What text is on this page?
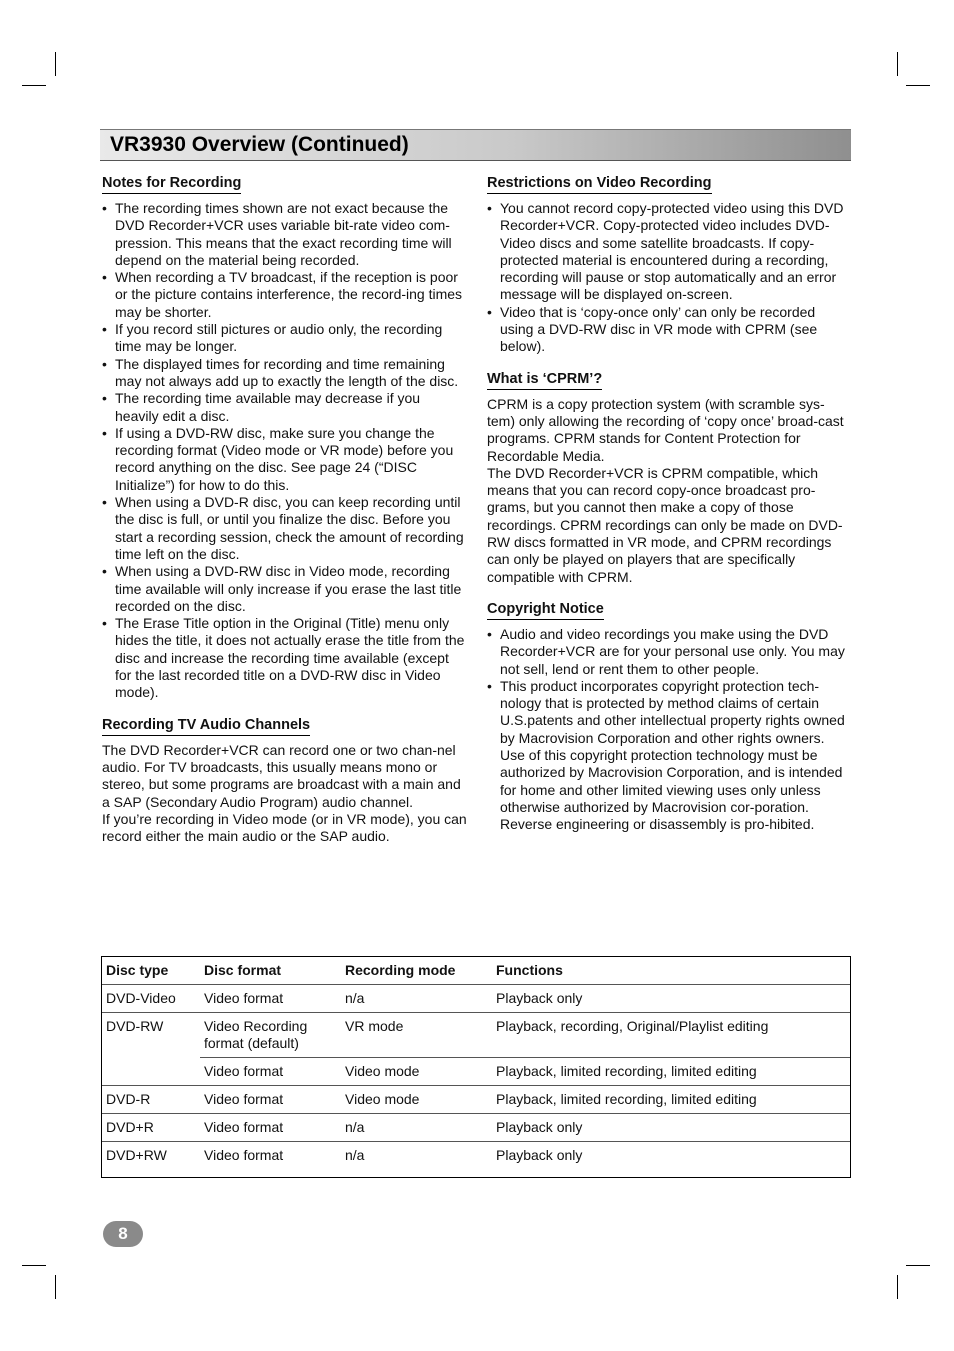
VR3930 Overview (Continued)
Notes for Recording
• The recording times shown are not exact because the DVD Recorder+VCR uses variable bit-rate video com-pression. This means that the exact recording time will depend on the material being recorded.
• When recording a TV broadcast, if the reception is poor or the picture contains interference, the record-ing times may be shorter.
• If you record still pictures or audio only, the recording time may be longer.
• The displayed times for recording and time remaining may not always add up to exactly the length of the disc.
• The recording time available may decrease if you heavily edit a disc.
• If using a DVD-RW disc, make sure you change the recording format (Video mode or VR mode) before you record anything on the disc. See page 24 (“DISC Initialize”) for how to do this.
• When using a DVD-R disc, you can keep recording until the disc is full, or until you finalize the disc. Before you start a recording session, check the amount of recording time left on the disc.
• When using a DVD-RW disc in Video mode, recording time available will only increase if you erase the last title recorded on the disc.
• The Erase Title option in the Original (Title) menu only hides the title, it does not actually erase the title from the disc and increase the recording time available (except for the last recorded title on a DVD-RW disc in Video mode).
Recording TV Audio Channels

The DVD Recorder+VCR can record one or two chan-nel audio. For TV broadcasts, this usually means mono or stereo, but some programs are broadcast with a main and a SAP (Secondary Audio Program) audio channel.

If you’re recording in Video mode (or in VR mode), you can record either the main audio or the SAP audio.

Restrictions on Video Recording
• You cannot record copy-protected video using this DVD Recorder+VCR. Copy-protected video includes DVD-Video discs and some satellite broadcasts. If copy-protected material is encountered during a recording, recording will pause or stop automatically and an error message will be displayed on-screen.
• Video that is ‘copy-once only’ can only be recorded using a DVD-RW disc in VR mode with CPRM (see below).
What is ‘CPRM’?

CPRM is a copy protection system (with scramble sys-tem) only allowing the recording of ‘copy once’ broad-cast programs. CPRM stands for Content Protection for Recordable Media.

The DVD Recorder+VCR is CPRM compatible, which means that you can record copy-once broadcast pro-grams, but you cannot then make a copy of those recordings. CPRM recordings can only be made on DVD-RW discs formatted in VR mode, and CPRM recordings can only be played on players that are specifically compatible with CPRM.

Copyright Notice
• Audio and video recordings you make using the DVD Recorder+VCR are for your personal use only. You may not sell, lend or rent them to other people.
• This product incorporates copyright protection tech-nology that is protected by method claims of certain U.S.patents and other intellectual property rights owned by Macrovision Corporation and other rights owners. Use of this copyright protection technology must be authorized by Macrovision Corporation, and is intended for home and other limited viewing uses only unless otherwise authorized by Macrovision cor-poration. Reverse engineering or disassembly is pro-hibited.
Disc type	Disc format	Recording mode	Functions
DVD-Video	Video format	n/a	Playback only
DVD-RW	Video Recording format (default)	VR mode	Playback, recording, Original/Playlist editing
	Video format	Video mode	Playback, limited recording, limited editing
DVD-R	Video format	Video mode	Playback, limited recording, limited editing
DVD+R	Video format	n/a	Playback only
DVD+RW	Video format	n/a	Playback only
8
